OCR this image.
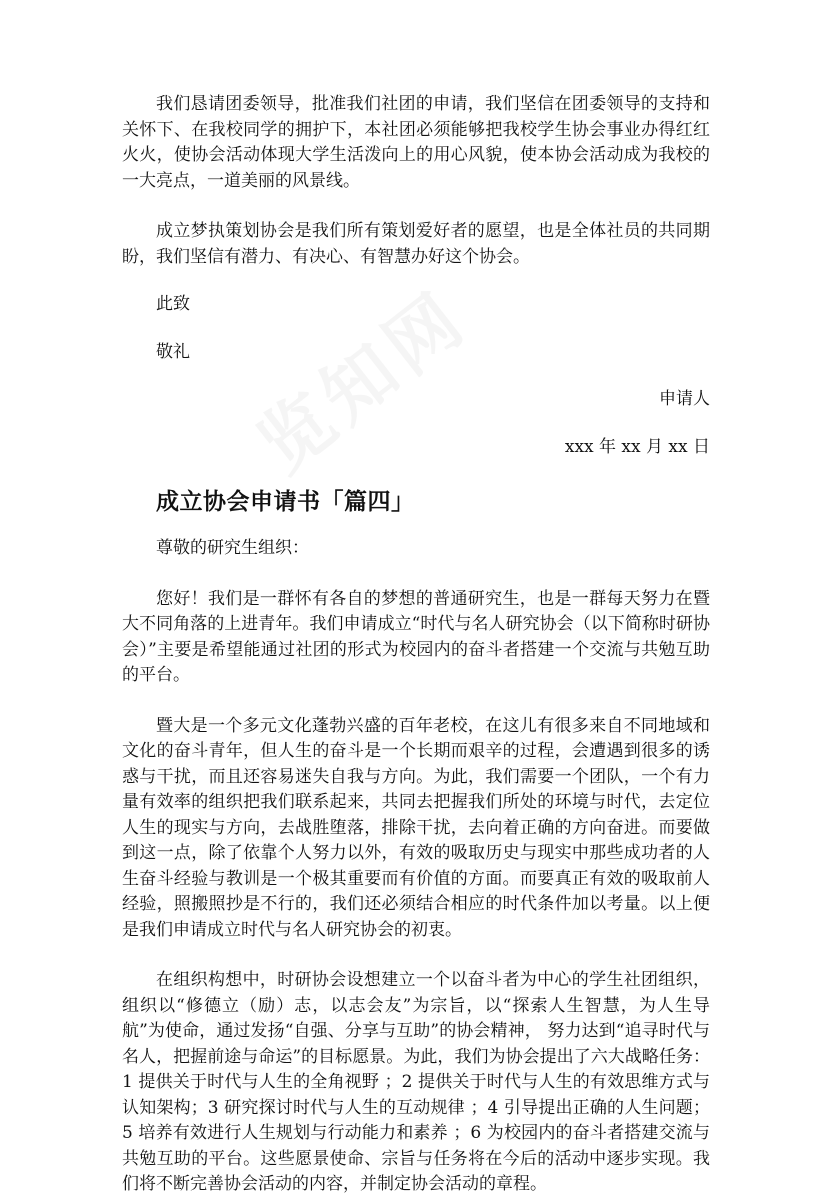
览知网

我们恳请团委领导，批准我们社团的申请，我们坚信在团委领导的支持和关怀下、在我校同学的拥护下，本社团必须能够把我校学生协会事业办得红红火火，使协会活动体现大学生活泼向上的用心风貌，使本协会活动成为我校的一大亮点，一道美丽的风景线。

成立梦执策划协会是我们所有策划爱好者的愿望，也是全体社员的共同期盼，我们坚信有潜力、有决心、有智慧办好这个协会。

此致

敬礼

申请人

xxx 年 xx 月 xx 日

成立协会申请书「篇四」

尊敬的研究生组织：

您好！我们是一群怀有各自的梦想的普通研究生，也是一群每天努力在暨大不同角落的上进青年。我们申请成立“时代与名人研究协会（以下简称时研协会）”主要是希望能通过社团的形式为校园内的奋斗者搭建一个交流与共勉互助的平台。

暨大是一个多元文化蓬勃兴盛的百年老校，在这儿有很多来自不同地域和文化的奋斗青年，但人生的奋斗是一个长期而艰辛的过程，会遭遇到很多的诱惑与干扰，而且还容易迷失自我与方向。为此，我们需要一个团队，一个有力量有效率的组织把我们联系起来，共同去把握我们所处的环境与时代，去定位人生的现实与方向，去战胜堕落，排除干扰，去向着正确的方向奋进。而要做到这一点，除了依靠个人努力以外，有效的吸取历史与现实中那些成功者的人生奋斗经验与教训是一个极其重要而有价值的方面。而要真正有效的吸取前人经验，照搬照抄是不行的，我们还必须结合相应的时代条件加以考量。以上便是我们申请成立时代与名人研究协会的初衷。

在组织构想中，时研协会设想建立一个以奋斗者为中心的学生社团组织，组织以“修德立（励）志，以志会友”为宗旨，以“探索人生智慧，为人生导航”为使命，通过发扬“自强、分享与互助”的协会精神， 努力达到“追寻时代与名人，把握前途与命运”的目标愿景。为此，我们为协会提出了六大战略任务：1 提供关于时代与人生的全角视野 ；2 提供关于时代与人生的有效思维方式与认知架构；3 研究探讨时代与人生的互动规律 ；4 引导提出正确的人生问题；5 培养有效进行人生规划与行动能力和素养 ；6 为校园内的奋斗者搭建交流与共勉互助的平台。这些愿景使命、宗旨与任务将在今后的活动中逐步实现。我们将不断完善协会活动的内容，并制定协会活动的章程。
